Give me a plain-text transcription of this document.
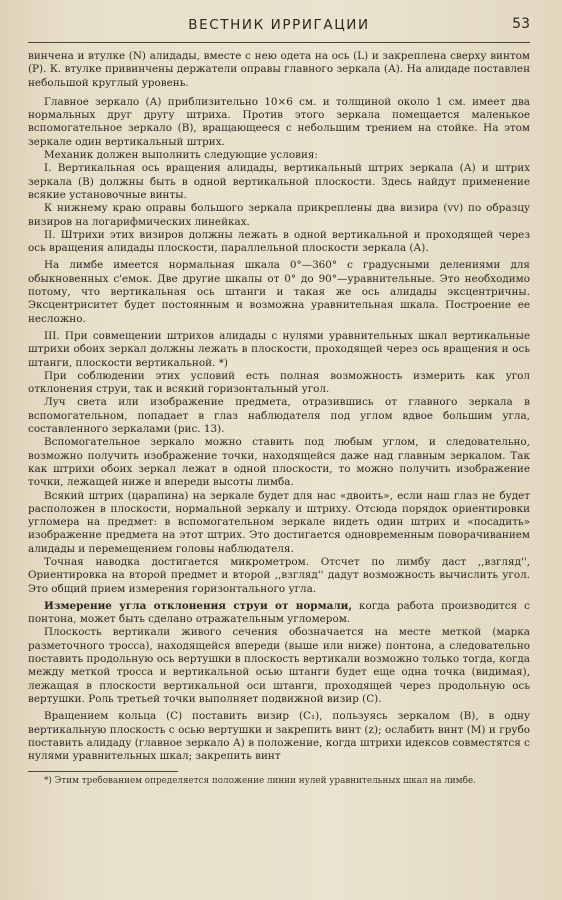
ВЕСТНИК ИРРИГАЦИИ	53

винчена и втулке (N) алидады, вместе с нею одета на ось (L) и закреплена сверху винтом (Р). К. втулке привинчены держатели оправы главного зеркала (А). На алидаде поставлен небольшой круглый уровень.

Главное зеркало (А) приблизительно 10×6 см. и толщиной около 1 см. имеет два нормальных друг другу штриха. Против этого зеркала помещается маленькое вспомогательное зеркало (В), вращающееся с небольшим трением на стойке. На этом зеркале один вертикальный штрих.

Механик должен выполнить следующие условия:

I. Вертикальная ось вращения алидады, вертикальный штрих зеркала (А) и штрих зеркала (В) должны быть в одной вертикальной плоскости. Здесь найдут применение всякие установочные винты.

К нижнему краю оправы большого зеркала прикреплены два визира (vv) по образцу визиров на логарифмических линейках.

II. Штрихи этих визиров должны лежать в одной вертикальной и проходящей через ось вращения алидады плоскости, параллельной плоскости зеркала (А).

На лимбе имеется нормальная шкала 0°—360° с градусными делениями для обыкновенных с'емок. Две другие шкалы от 0° до 90°—уравнительные. Это необходимо потому, что вертикальная ось штанги и такая же ось алидады эксцентричны. Эксцентриситет будет постоянным и возможна уравнительная шкала. Построение ее несложно.

III. При совмещении штрихов алидады с нулями уравнительных шкал вертикальные штрихи обоих зеркал должны лежать в плоскости, проходящей через ось вращения и ось штанги, плоскости вертикальной. *)

При соблюдении этих условий есть полная возможность измерить как угол отклонения струи, так и всякий горизонтальный угол.

Луч света или изображение предмета, отразившись от главного зеркала в вспомогательном, попадает в глаз наблюдателя под углом вдвое большим угла, составленного зеркалами (рис. 13).

Вспомогательное зеркало можно ставить под любым углом, и следовательно, возможно получить изображение точки, находящейся даже над главным зеркалом. Так как штрихи обоих зеркал лежат в одной плоскости, то можно получить изображение точки, лежащей ниже и впереди высоты лимба.

Всякий штрих (царапина) на зеркале будет для нас «двоить», если наш глаз не будет расположен в плоскости, нормальной зеркалу и штриху. Отсюда порядок ориентировки угломера на предмет: в вспомогательном зеркале видеть один штрих и «посадить» изображение предмета на этот штрих. Это достигается одновременным поворачиванием алидады и перемещением головы наблюдателя.

Точная наводка достигается микрометром. Отсчет по лимбу даст ,,взгляд'', Ориентировка на второй предмет и второй ,,взгляд'' дадут возможность вычислить угол. Это общий прием измерения горизонтального угла.

Измерение угла отклонения струи от нормали, когда работа производится с понтона, может быть сделано отражательным угломером.

Плоскость вертикали живого сечения обозначается на месте меткой (марка разметочного тросса), находящейся впереди (выше или ниже) понтона, а следовательно поставить продольную ось вертушки в плоскость вертикали возможно только тогда, когда между меткой тросса и вертикальной осью штанги будет еще одна точка (видимая), лежащая в плоскости вертикальной оси штанги, проходящей через продольную ось вертушки. Роль третьей точки выполняет подвижной визир (С).

Вращением кольца (С) поставить визир (С₁), пользуясь зеркалом (В), в одну вертикальную плоскость с осью вертушки и закрепить винт (z); ослабить винт (М) и грубо поставить алидаду (главное зеркало А) в положение, когда штрихи идексов совместятся с нулями уравнительных шкал; закрепить винт

*) Этим требованием определяется положение линии нулей уравнительных шкал на лимбе.
